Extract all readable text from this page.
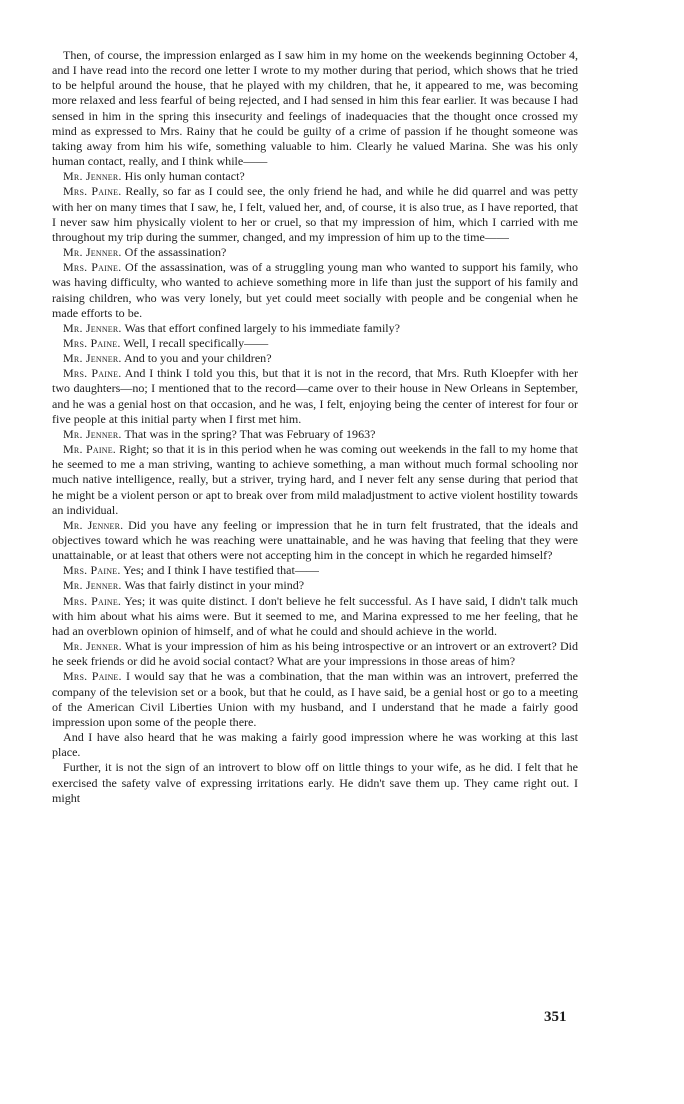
Then, of course, the impression enlarged as I saw him in my home on the weekends beginning October 4, and I have read into the record one letter I wrote to my mother during that period, which shows that he tried to be helpful around the house, that he played with my children, that he, it appeared to me, was becoming more relaxed and less fearful of being rejected, and I had sensed in him this fear earlier. It was because I had sensed in him in the spring this insecurity and feelings of inadequacies that the thought once crossed my mind as expressed to Mrs. Rainy that he could be guilty of a crime of passion if he thought someone was taking away from him his wife, something valuable to him. Clearly he valued Marina. She was his only human contact, really, and I think while——

Mr. Jenner. His only human contact?

Mrs. Paine. Really, so far as I could see, the only friend he had, and while he did quarrel and was petty with her on many times that I saw, he, I felt, valued her, and, of course, it is also true, as I have reported, that I never saw him physically violent to her or cruel, so that my impression of him, which I carried with me throughout my trip during the summer, changed, and my impression of him up to the time——

Mr. Jenner. Of the assassination?

Mrs. Paine. Of the assassination, was of a struggling young man who wanted to support his family, who was having difficulty, who wanted to achieve something more in life than just the support of his family and raising children, who was very lonely, but yet could meet socially with people and be congenial when he made efforts to be.

Mr. Jenner. Was that effort confined largely to his immediate family?

Mrs. Paine. Well, I recall specifically——

Mr. Jenner. And to you and your children?

Mrs. Paine. And I think I told you this, but that it is not in the record, that Mrs. Ruth Kloepfer with her two daughters—no; I mentioned that to the record—came over to their house in New Orleans in September, and he was a genial host on that occasion, and he was, I felt, enjoying being the center of interest for four or five people at this initial party when I first met him.

Mr. Jenner. That was in the spring? That was February of 1963?

Mr. Paine. Right; so that it is in this period when he was coming out weekends in the fall to my home that he seemed to me a man striving, wanting to achieve something, a man without much formal schooling nor much native intelligence, really, but a striver, trying hard, and I never felt any sense during that period that he might be a violent person or apt to break over from mild maladjustment to active violent hostility towards an individual.

Mr. Jenner. Did you have any feeling or impression that he in turn felt frustrated, that the ideals and objectives toward which he was reaching were unattainable, and he was having that feeling that they were unattainable, or at least that others were not accepting him in the concept in which he regarded himself?

Mrs. Paine. Yes; and I think I have testified that——

Mr. Jenner. Was that fairly distinct in your mind?

Mrs. Paine. Yes; it was quite distinct. I don't believe he felt successful. As I have said, I didn't talk much with him about what his aims were. But it seemed to me, and Marina expressed to me her feeling, that he had an overblown opinion of himself, and of what he could and should achieve in the world.

Mr. Jenner. What is your impression of him as his being introspective or an introvert or an extrovert? Did he seek friends or did he avoid social contact? What are your impressions in those areas of him?

Mrs. Paine. I would say that he was a combination, that the man within was an introvert, preferred the company of the television set or a book, but that he could, as I have said, be a genial host or go to a meeting of the American Civil Liberties Union with my husband, and I understand that he made a fairly good impression upon some of the people there.

And I have also heard that he was making a fairly good impression where he was working at this last place.

Further, it is not the sign of an introvert to blow off on little things to your wife, as he did. I felt that he exercised the safety valve of expressing irritations early. He didn't save them up. They came right out. I might

351
